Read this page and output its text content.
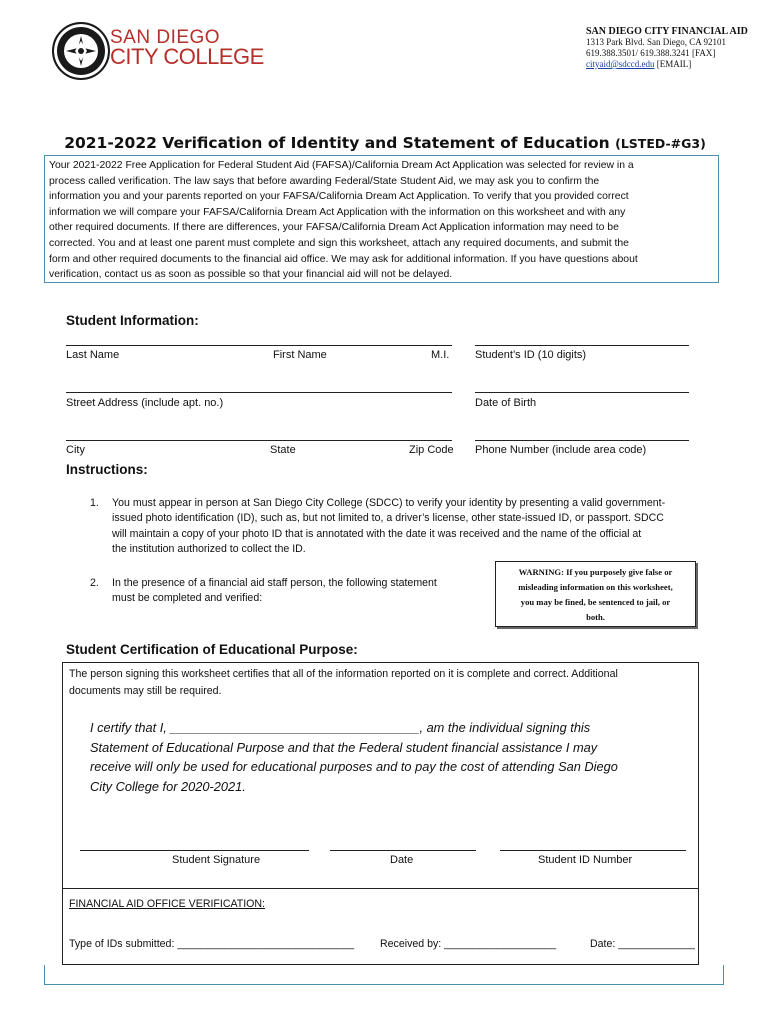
SAN DIEGO
CITY COLLEGE
SAN DIEGO CITY FINANCIAL AID
1313 Park Blvd. San Diego, CA 92101
619.388.3501/ 619.388.3241 [FAX]
cityaid@sdccd.edu [EMAIL]
2021-2022 Verification of Identity and Statement of Education (LSTED-#G3)
Your 2021-2022 Free Application for Federal Student Aid (FAFSA)/California Dream Act Application was selected for review in a
process called verification. The law says that before awarding Federal/State Student Aid, we may ask you to confirm the
information you and your parents reported on your FAFSA/California Dream Act Application. To verify that you provided correct
information we will compare your FAFSA/California Dream Act Application with the information on this worksheet and with any
other required documents. If there are differences, your FAFSA/California Dream Act Application information may need to be
corrected. You and at least one parent must complete and sign this worksheet, attach any required documents, and submit the
form and other required documents to the financial aid office. We may ask for additional information. If you have questions about
verification, contact us as soon as possible so that your financial aid will not be delayed.
Student Information:
Last Name	First Name	M.I. Student’s ID (10 digits)
Street Address (include apt. no.)	Date of Birth
City	State	Zip Code Phone Number (include area code)
Instructions:
1. You must appear in person at San Diego City College (SDCC) to verify your identity by presenting a valid government-
issued photo identification (ID), such as, but not limited to, a driver’s license, other state-issued ID, or passport. SDCC
will maintain a copy of your photo ID that is annotated with the date it was received and the name of the official at
the institution authorized to collect the ID.
2. In the presence of a financial aid staff person, the following statement
must be completed and verified:
WARNING: If you purposely give false or
misleading information on this worksheet,
you may be fined, be sentenced to jail, or
both.
Student Certification of Educational Purpose:
The person signing this worksheet certifies that all of the information reported on it is complete and correct. Additional
documents may still be required.
I certify that I, ___________________________________, am the individual signing this
Statement of Educational Purpose and that the Federal student financial assistance I may
receive will only be used for educational purposes and to pay the cost of attending San Diego
City College for 2020-2021.
Student Signature	Date	Student ID Number
FINANCIAL AID OFFICE VERIFICATION:
Type of IDs submitted: ______________________________ Received by: ___________________	Date: _____________
